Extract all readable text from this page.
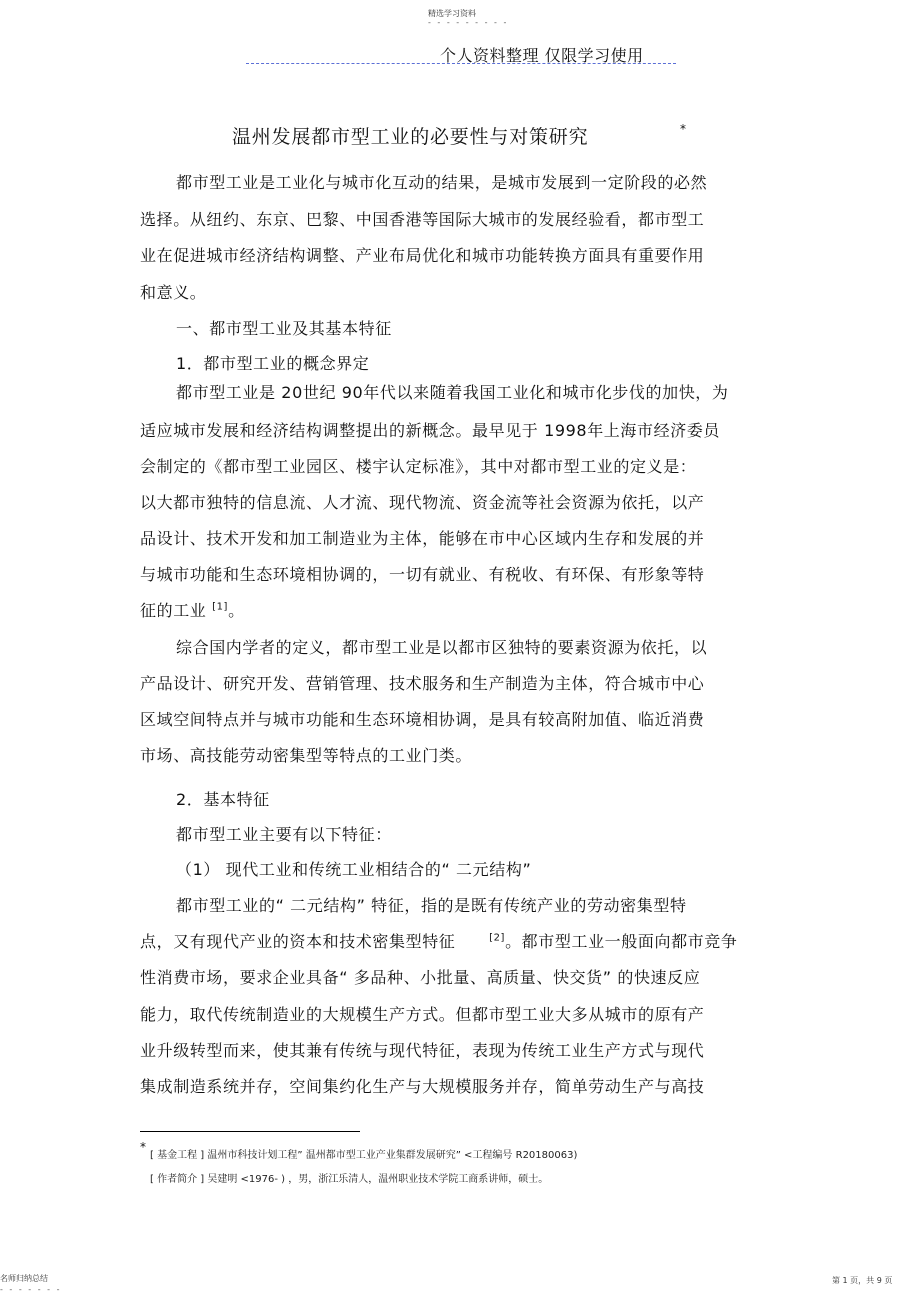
精选学习资料
- - - - - - - - -
个人资料整理 仅限学习使用
温州发展都市型工业的必要性与对策研究	*
都市型工业是工业化与城市化互动的结果，是城市发展到一定阶段的必然
选择。从纽约、东京、巴黎、中国香港等国际大城市的发展经验看，都市型工
业在促进城市经济结构调整、产业布局优化和城市功能转换方面具有重要作用
和意义。
一、都市型工业及其基本特征
1．都市型工业的概念界定
都市型工业是 20世纪 90年代以来随着我国工业化和城市化步伐的加快，为
适应城市发展和经济结构调整提出的新概念。最早见于 1998年上海市经济委员
会制定的《都市型工业园区、楼宇认定标准》，其中对都市型工业的定义是：
以大都市独特的信息流、人才流、现代物流、资金流等社会资源为依托，以产
品设计、技术开发和加工制造业为主体，能够在市中心区域内生存和发展的并
与城市功能和生态环境相协调的，一切有就业、有税收、有环保、有形象等特
征的工业 [1]。
综合国内学者的定义，都市型工业是以都市区独特的要素资源为依托，以
产品设计、研究开发、营销管理、技术服务和生产制造为主体，符合城市中心
区域空间特点并与城市功能和生态环境相协调，是具有较高附加值、临近消费
市场、高技能劳动密集型等特点的工业门类。
2．基本特征
都市型工业主要有以下特征：
（1） 现代工业和传统工业相结合的“ 二元结构”
都市型工业的“ 二元结构” 特征，指的是既有传统产业的劳动密集型特
点，又有现代产业的资本和技术密集型特征	[2]。都市型工业一般面向都市竞争
性消费市场，要求企业具备“ 多品种、小批量、高质量、快交货” 的快速反应
能力，取代传统制造业的大规模生产方式。但都市型工业大多从城市的原有产
业升级转型而来，使其兼有传统与现代特征，表现为传统工业生产方式与现代
集成制造系统并存，空间集约化生产与大规模服务并存，简单劳动生产与高技
*
[ 基金工程 ] 温州市科技计划工程” 温州都市型工业产业集群发展研究” <工程编号 R20180063)
[ 作者简介 ] 吴建明 <1976- ) ，男，浙江乐清人，温州职业技术学院工商系讲师，硕士。
名师归纳总结
- - - - - - -
第 1 页，共 9 页
